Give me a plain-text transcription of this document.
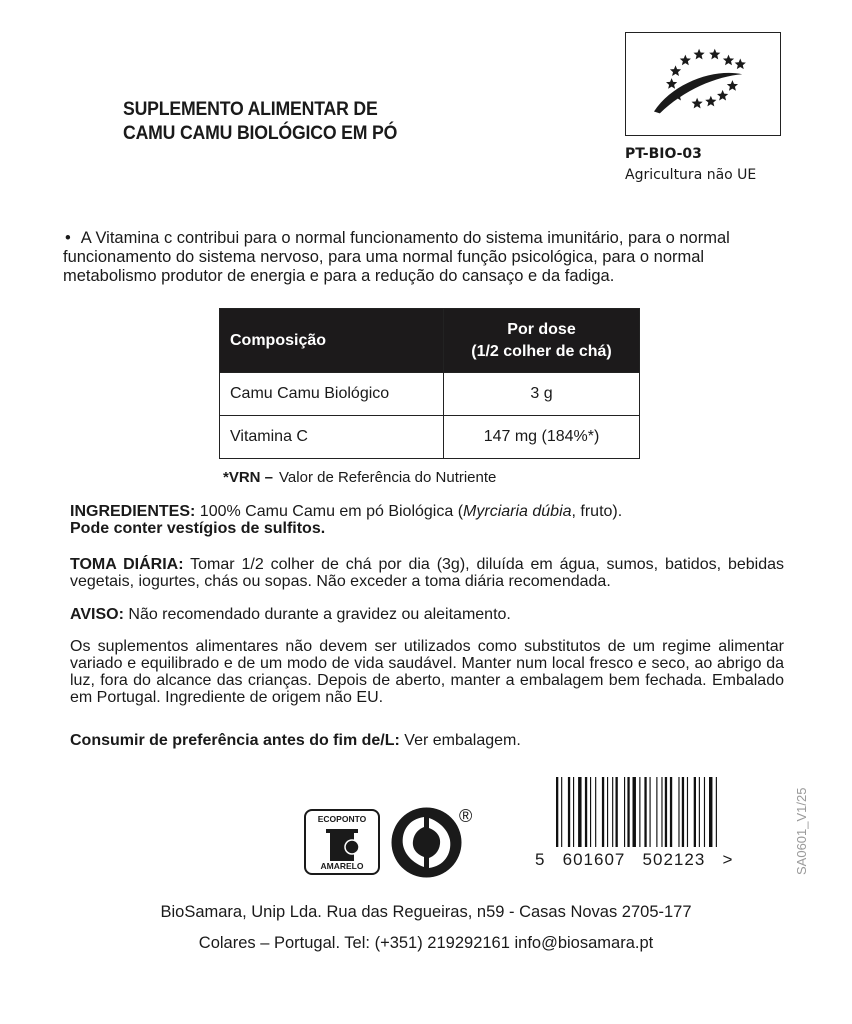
SUPLEMENTO ALIMENTAR DE
CAMU CAMU BIOLÓGICO EM PÓ
PT-BIO-03
Agricultura não UE
• A Vitamina c contribui para o normal funcionamento do sistema imunitário, para o normal funcionamento do sistema nervoso, para uma normal função psicológica, para o normal metabolismo produtor de energia e para a redução do cansaço e da fadiga.
Composição	Por dose
(1/2 colher de chá)

Camu Camu Biológico	3 g
Vitamina C	147 mg (184%*)
*VRN – Valor de Referência do Nutriente
INGREDIENTES: 100% Camu Camu em pó Biológica (Myrciaria dúbia, fruto).
Pode conter vestígios de sulfitos.
TOMA DIÁRIA: Tomar 1/2 colher de chá por dia (3g), diluída em água, sumos, batidos, bebidas vegetais, iogurtes, chás ou sopas. Não exceder a toma diária recomendada.
AVISO: Não recomendado durante a gravidez ou aleitamento.
Os suplementos alimentares não devem ser utilizados como substitutos de um regime alimentar variado e equilibrado e de um modo de vida saudável. Manter num local fresco e seco, ao abrigo da luz, fora do alcance das crianças. Depois de aberto, manter a embalagem bem fechada. Embalado em Portugal. Ingrediente de origem não EU.
Consumir de preferência antes do fim de/L: Ver embalagem.
ECOPONTO
AMARELO
®
5 601607 502123 >	SA0601_V1/25
BioSamara, Unip Lda. Rua das Regueiras, n59 - Casas Novas 2705-177
Colares – Portugal. Tel: (+351) 219292161 info@biosamara.pt
